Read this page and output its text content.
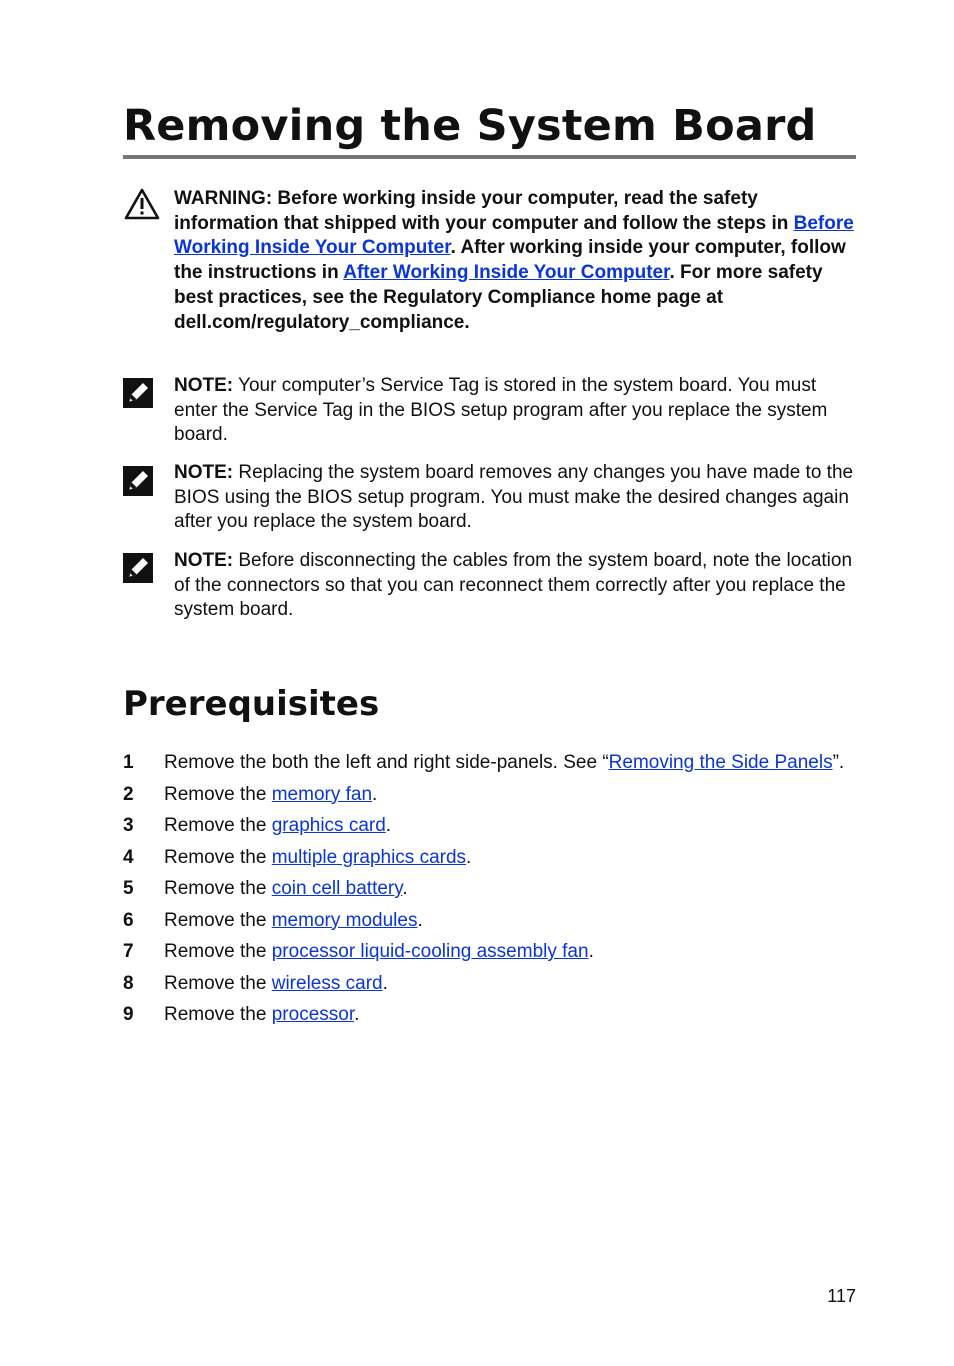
Removing the System Board
WARNING: Before working inside your computer, read the safety information that shipped with your computer and follow the steps in Before Working Inside Your Computer. After working inside your computer, follow the instructions in After Working Inside Your Computer. For more safety best practices, see the Regulatory Compliance home page at dell.com/regulatory_compliance.
NOTE: Your computer’s Service Tag is stored in the system board. You must enter the Service Tag in the BIOS setup program after you replace the system board.
NOTE: Replacing the system board removes any changes you have made to the BIOS using the BIOS setup program. You must make the desired changes again after you replace the system board.
NOTE: Before disconnecting the cables from the system board, note the location of the connectors so that you can reconnect them correctly after you replace the system board.
Prerequisites
1 Remove the both the left and right side-panels. See “Removing the Side Panels”.
2 Remove the memory fan.
3 Remove the graphics card.
4 Remove the multiple graphics cards.
5 Remove the coin cell battery.
6 Remove the memory modules.
7 Remove the processor liquid-cooling assembly fan.
8 Remove the wireless card.
9 Remove the processor.
117
